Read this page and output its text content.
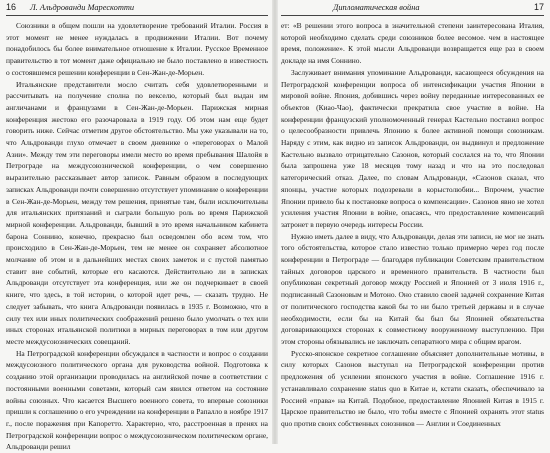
16 Л. Альдрованди Марескотти

Союзники в общем пошли на удовлетворение требований Италии. Россия в этот момент не менее нуждалась в продвижении Италии. Вот почему понадобилось бы более внимательное отношение к Италии. Русское Временное правительство в тот момент даже официально не было поставлено в известность о состоявшемся решении конференции в Сен-Жан-де-Морьен.

Итальянские представители мосло считать себя удовлетворенными и рассчитывать на получение сполна по векселю, который был выдан им англичанами и французами в Сен-Жан-де-Морьен. Парижская мирная конференция жестоко его разочаровала в 1919 году. Об этом нам еще будет говорить ниже. Сейчас отметим другое обстоятельство. Мы уже указывали на то, что Альдрованди глухо отмечает в своем дневнике о «переговорах о Малой Азии». Между тем эти переговоры имели место во время пребывания Шалойя в Петрограде на междусоюзнической конференции, о чем совершенно выразительно рассказывает автор записок. Равным образом в последующих записках Альдрованди почти совершенно отсутствует упоминание о конференции в Сен-Жан-де-Морьен, между тем решения, принятые там, были исключительны для итальянских притязаний и сыграли большую роль во время Парижской мирной конференции. Альдрованди, бывший в это время начальником кабинета барона Соннино, конечно, прекрасно был осведомлен обо всем том, что происходило в Сен-Жан-де-Морьен, тем не менее он сохраняет абсолютное молчание об этом и в дальнейших местах своих заметок и с пустой памятью ставит вне событий, которые его касаются. Действительно ли в записках Альдрованди отсутствует эта конференция, или же он подчеркивает в своей книге, что здесь, в той истории, о которой идет речь, — сказать трудно. Не следует забывать, что книга Альдрованди появилась в 1935 г. Возможно, что в силу тех или иных политических соображений решено было умолчать о тех или иных сторонах итальянской политики в мирных переговорах в том или другом месте междусоюзнических совещаний.

На Петроградской конференции обсуждался в частности и вопрос о создании междусоюзного политического органа для руководства войной. Подготовка к созданию этой организации проводилась на английской почве в соответствии с постоянными военными советами, который сам явился ответом на состояние войны союзных. Что касается Высшего военного совета, то впервые союзники пришли к соглашению о его учреждении на конференции в Рапалло в ноябре 1917 г., после поражения при Капоретто. Характерно, что, расстроенная в пренях на Петроградской конференции вопрос о междусоюзническом политическом органе, Альдрованди решил

Дипломатическая война	17

ет: «В решении этого вопроса в значительной степени заинтересована Италия, которой необходимо сделать среди союзников более весомое. чем в настоящее время, положение». К этой мысли Альдрованди возвращается еще раз в своем докладе на имя Соннино.

Заслуживает внимания упоминание Альдрованди, касающееся обсуждения на Петроградской конференции вопроса об интенсификации участия Японии в мировой войне. Япония, добившись через войну переданные интересованных ее объектов (Киао-Чао), фактически прекратила свое участие в войне. На конференции французский уполномоченный генерал Кастельно поставил вопрос о целесообразности привлечь Японию к более активной помощи союзникам. Наряду с этим, как видно из записок Альдрованди, он выдвинул и предложение Кастельно вызвало отрицательно Сазонов, который сослался на то, что Японии была запрошена уже 18 месяцев тому назад и что на это последовал категорический отказ. Далее, по словам Альдрованди, «Сазонов сказал, что японцы, участие которых подозревали в корыстолюбии... Впрочем, участие Японии привело бы к постановке вопроса о компенсации». Сазонов явно не хотел усиления участия Японии в войне, опасаясь, что предоставление компенсаций затронет в первую очередь интересы России.

Нужно иметь далее в виду, что Альдрованди, делая эти записи, не мог не знать того обстоятельства, которое стало известно только примерно через год после конференции в Петрограде — благодаря публикации Советским правительством тайных договоров царского и временного правительств. В частности был опубликован секретный договор между Россией и Японией от 3 июля 1916 г., подписанный Сазоновым и Мотоно. Оно ставило своей задачей сохранение Китая от политического господства какой бы то ни было третьей державы и в случае необходимости, если бы на Китай бы был бы Японией обязательства договаривающихся сторонах к совместному вооруженному выступлению. При этом стороны обязывались не заключать сепаратного мира с общим врагом.

Русско-японское секретное соглашение объясняет дополнительные мотивы, в силу которых Сазонов выступал на Петроградской конференции против предложения об усилении японского участия в войне. Соглашение 1916 г. устанавливало сохранение status quo в Китае и, кстати сказать, обеспечивало за Россией «права» на Китай. Подобное, предоставление Японией Китая в 1915 г. Царское правительство не было, что тобы вместе с Японией охранять этот status quo против своих собственных союзников — Англии и Соединенных
